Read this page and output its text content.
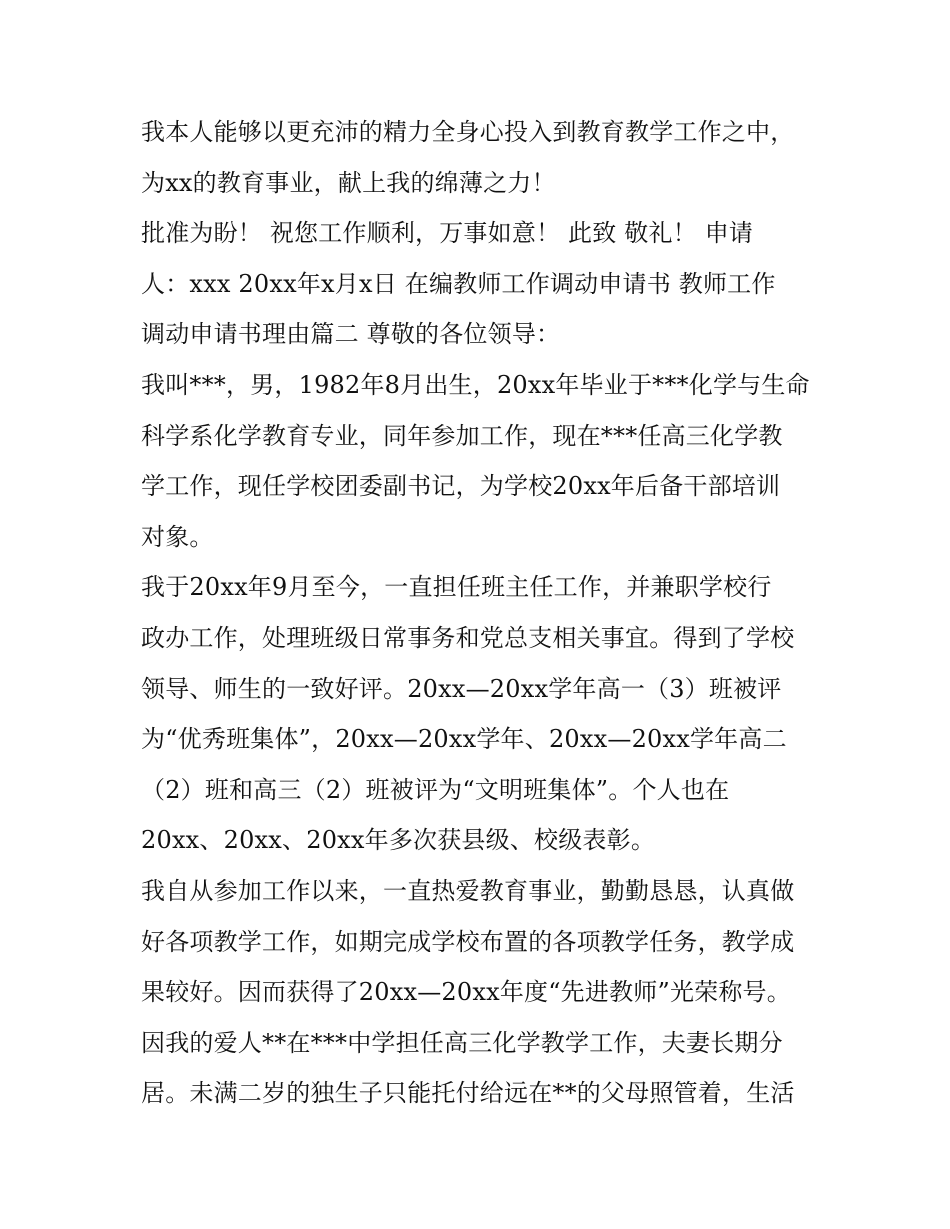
我本人能够以更充沛的精力全身心投入到教育教学工作之中，
为xx的教育事业，献上我的绵薄之力！
批准为盼！ 祝您工作顺利，万事如意！ 此致 敬礼！ 申请
人：xxx 20xx年x月x日 在编教师工作调动申请书 教师工作
调动申请书理由篇二 尊敬的各位领导：
我叫***，男，1982年8月出生，20xx年毕业于***化学与生命
科学系化学教育专业，同年参加工作，现在***任高三化学教
学工作，现任学校团委副书记，为学校20xx年后备干部培训
对象。
我于20xx年9月至今，一直担任班主任工作，并兼职学校行
政办工作，处理班级日常事务和党总支相关事宜。得到了学校
领导、师生的一致好评。20xx—20xx学年高一（3）班被评
为“优秀班集体”，20xx—20xx学年、20xx—20xx学年高二
（2）班和高三（2）班被评为“文明班集体”。个人也在
20xx、20xx、20xx年多次获县级、校级表彰。
我自从参加工作以来，一直热爱教育事业，勤勤恳恳，认真做
好各项教学工作，如期完成学校布置的各项教学任务，教学成
果较好。因而获得了20xx—20xx年度“先进教师”光荣称号。
因我的爱人**在***中学担任高三化学教学工作，夫妻长期分
居。未满二岁的独生子只能托付给远在**的父母照管着，生活
